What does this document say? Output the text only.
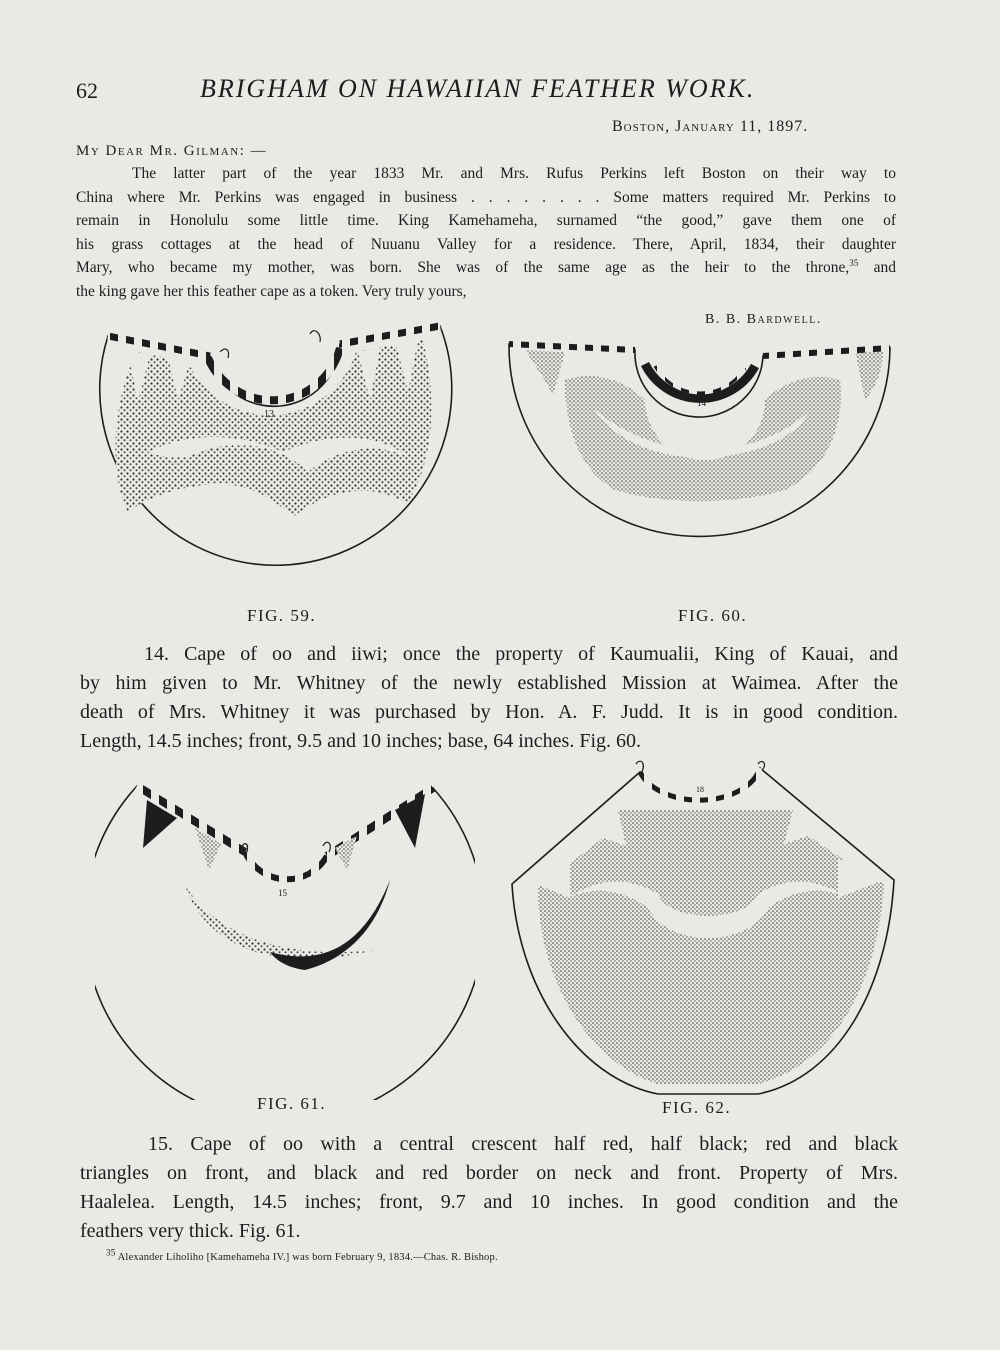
62	BRIGHAM ON HAWAIIAN FEATHER WORK.
Boston, January 11, 1897.
My Dear Mr. Gilman: —
The latter part of the year 1833 Mr. and Mrs. Rufus Perkins left Boston on their way to
China where Mr. Perkins was engaged in business . . . . . . . . Some matters required Mr. Perkins to
remain in Honolulu some little time. King Kamehameha, surnamed “the good,” gave them one of
his grass cottages at the head of Nuuanu Valley for a residence. There, April, 1834, their daughter
Mary, who became my mother, was born. She was of the same age as the heir to the throne,$^{35}$ and
the king gave her this feather cape as a token. Very truly yours,
B. B. Bardwell.
13
FIG. 59.
14
FIG. 60.
14. Cape of oo and iiwi; once the property of Kaumualii, King of Kauai, and
by him given to Mr. Whitney of the newly established Mission at Waimea. After the
death of Mrs. Whitney it was purchased by Hon. A. F. Judd. It is in good condition.
Length, 14.5 inches; front, 9.5 and 10 inches; base, 64 inches. Fig. 60.
15
FIG. 61.
18
FIG. 62.
15. Cape of oo with a central crescent half red, half black; red and black
triangles on front, and black and red border on neck and front. Property of Mrs.
Haalelea. Length, 14.5 inches; front, 9.7 and 10 inches. In good condition and the
feathers very thick. Fig. 61.
$^{35}$ Alexander Liholiho [Kamehameha IV.] was born February 9, 1834.—Chas. R. Bishop.
